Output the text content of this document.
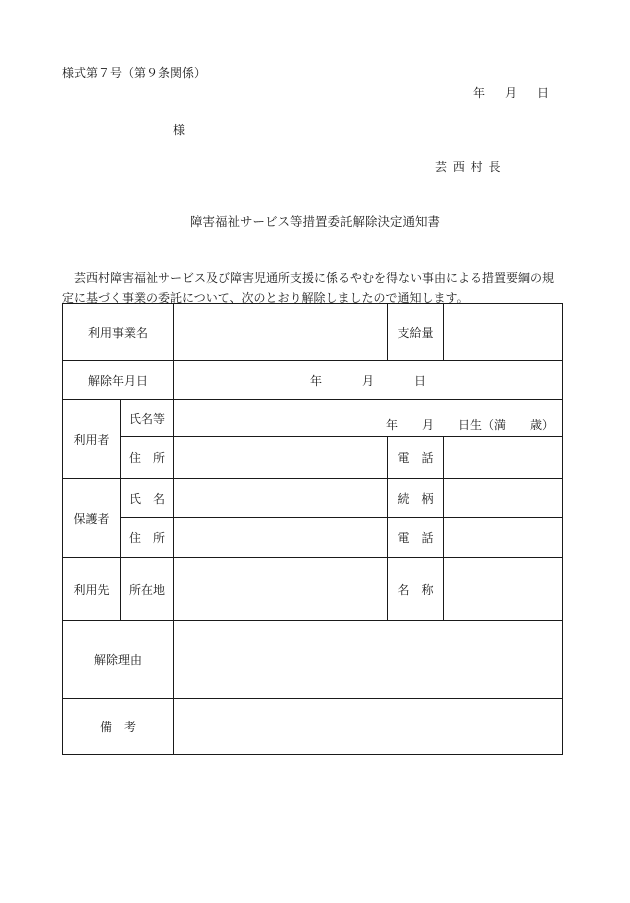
様式第７号（第９条関係）
年 月 日
様
芸 西 村 長
障害福祉サービス等措置委託解除決定通知書

芸西村障害福祉サービス及び障害児通所支援に係るやむを得ない事由による措置要綱の規

定に基づく事業の委託について、次のとおり解除しましたので通知します。

利用事業名			支給量	
解除年月日		年 月 日		
利用者	氏名等	年　　月　　日生（満　　歳）		

	住　所		電　話	
保護者	氏　名		続　柄	
	住　所		電　話	
利用先	所在地		名　称	
解除理由				
備　考				
